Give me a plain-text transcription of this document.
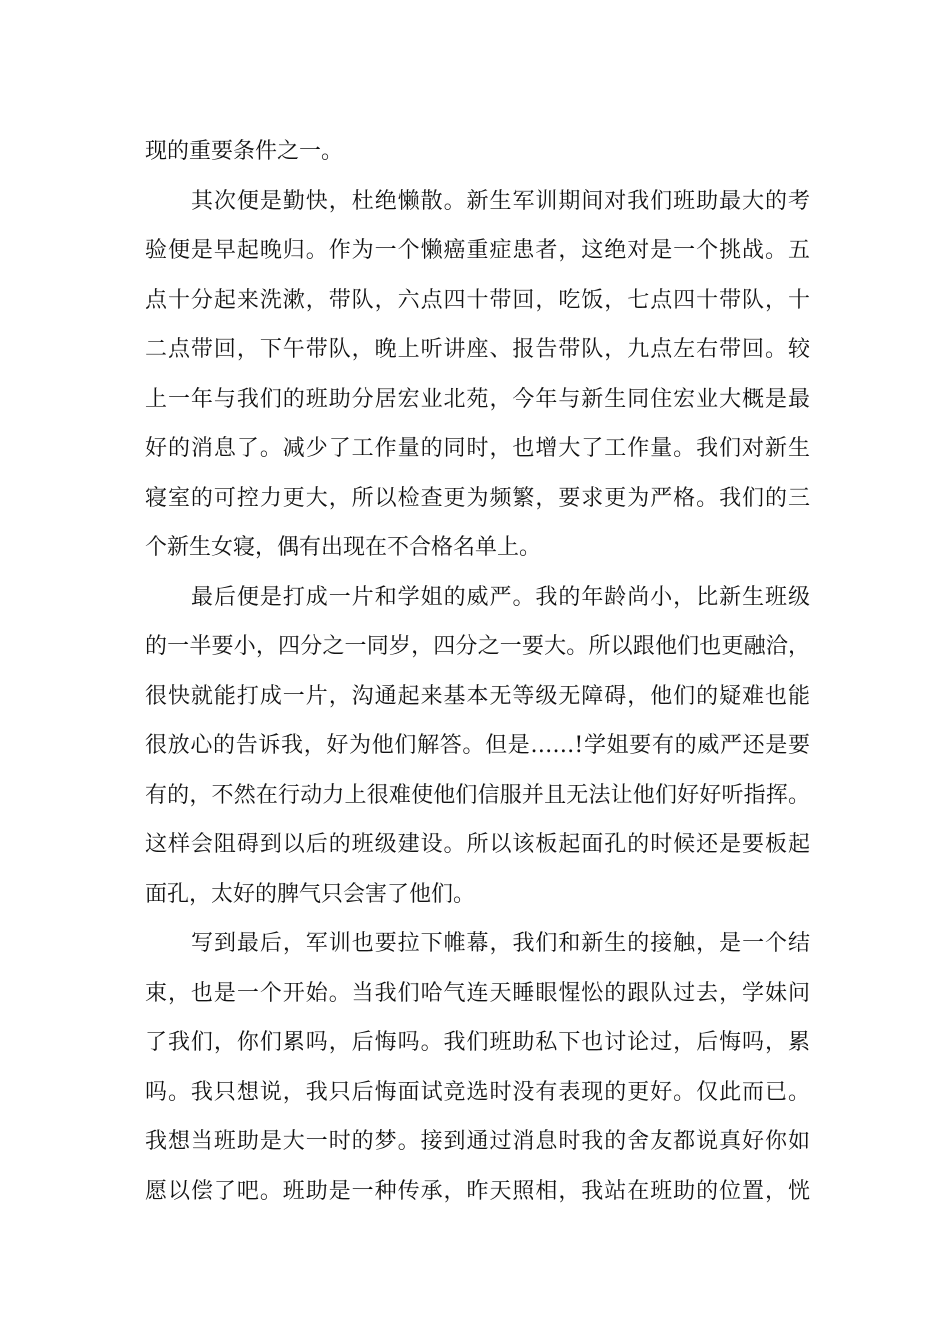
现的重要条件之一。
其次便是勤快，杜绝懒散。新生军训期间对我们班助最大的考
验便是早起晚归。作为一个懒癌重症患者，这绝对是一个挑战。五
点十分起来洗漱，带队，六点四十带回，吃饭，七点四十带队，十
二点带回，下午带队，晚上听讲座、报告带队，九点左右带回。较
上一年与我们的班助分居宏业北苑，今年与新生同住宏业大概是最
好的消息了。减少了工作量的同时，也增大了工作量。我们对新生
寝室的可控力更大，所以检查更为频繁，要求更为严格。我们的三
个新生女寝，偶有出现在不合格名单上。
最后便是打成一片和学姐的威严。我的年龄尚小，比新生班级
的一半要小，四分之一同岁，四分之一要大。所以跟他们也更融洽，
很快就能打成一片，沟通起来基本无等级无障碍，他们的疑难也能
很放心的告诉我，好为他们解答。但是……!学姐要有的威严还是要
有的，不然在行动力上很难使他们信服并且无法让他们好好听指挥。
这样会阻碍到以后的班级建设。所以该板起面孔的时候还是要板起
面孔，太好的脾气只会害了他们。
写到最后，军训也要拉下帷幕，我们和新生的接触，是一个结
束，也是一个开始。当我们哈气连天睡眼惺忪的跟队过去，学妹问
了我们，你们累吗，后悔吗。我们班助私下也讨论过，后悔吗，累
吗。我只想说，我只后悔面试竞选时没有表现的更好。仅此而已。
我想当班助是大一时的梦。接到通过消息时我的舍友都说真好你如
愿以偿了吧。班助是一种传承，昨天照相，我站在班助的位置，恍
